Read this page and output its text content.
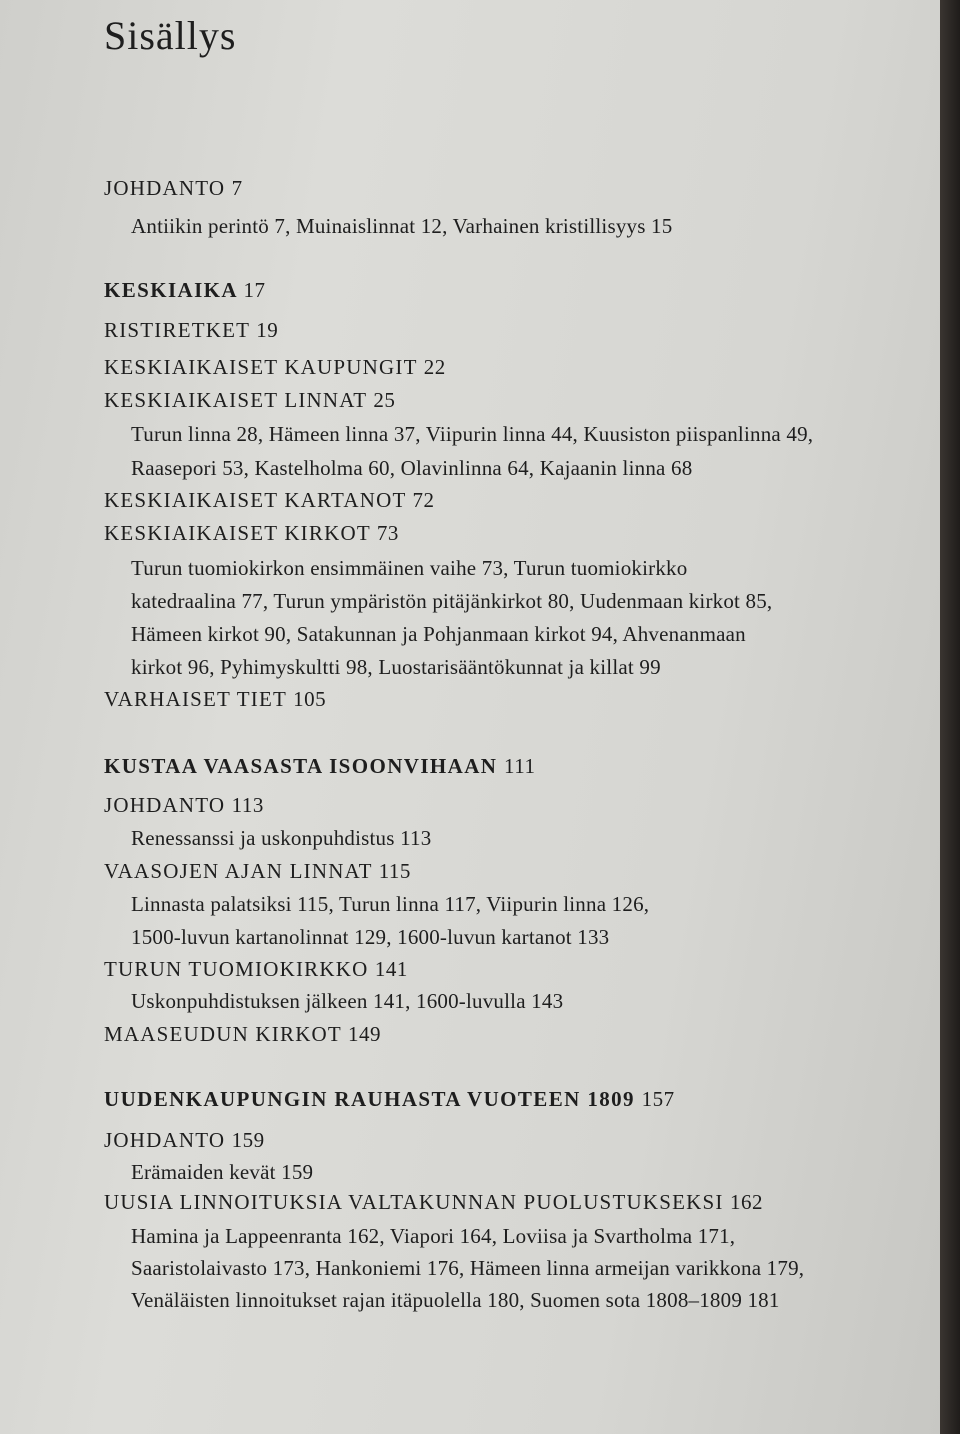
Sisällys
JOHDANTO 7
Antiikin perintö 7, Muinaislinnat 12, Varhainen kristillisyys 15
KESKIAIKA 17
RISTIRETKET 19
KESKIAIKAISET KAUPUNGIT 22
KESKIAIKAISET LINNAT 25
Turun linna 28, Hämeen linna 37, Viipurin linna 44, Kuusiston piispanlinna 49,
Raasepori 53, Kastelholma 60, Olavinlinna 64, Kajaanin linna 68
KESKIAIKAISET KARTANOT 72
KESKIAIKAISET KIRKOT 73
Turun tuomiokirkon ensimmäinen vaihe 73, Turun tuomiokirkko
katedraalina 77, Turun ympäristön pitäjänkirkot 80, Uudenmaan kirkot 85,
Hämeen kirkot 90, Satakunnan ja Pohjanmaan kirkot 94, Ahvenanmaan
kirkot 96, Pyhimyskultti 98, Luostarisääntökunnat ja killat 99
VARHAISET TIET 105
KUSTAA VAASASTA ISOONVIHAAN 111
JOHDANTO 113
Renessanssi ja uskonpuhdistus 113
VAASOJEN AJAN LINNAT 115
Linnasta palatsiksi 115, Turun linna 117, Viipurin linna 126,
1500-luvun kartanolinnat 129, 1600-luvun kartanot 133
TURUN TUOMIOKIRKKO 141
Uskonpuhdistuksen jälkeen 141, 1600-luvulla 143
MAASEUDUN KIRKOT 149
UUDENKAUPUNGIN RAUHASTA VUOTEEN 1809 157
JOHDANTO 159
Erämaiden kevät 159
UUSIA LINNOITUKSIA VALTAKUNNAN PUOLUSTUKSEKSI 162
Hamina ja Lappeenranta 162, Viapori 164, Loviisa ja Svartholma 171,
Saaristolaivasto 173, Hankoniemi 176, Hämeen linna armeijan varikkona 179,
Venäläisten linnoitukset rajan itäpuolella 180, Suomen sota 1808–1809 181
